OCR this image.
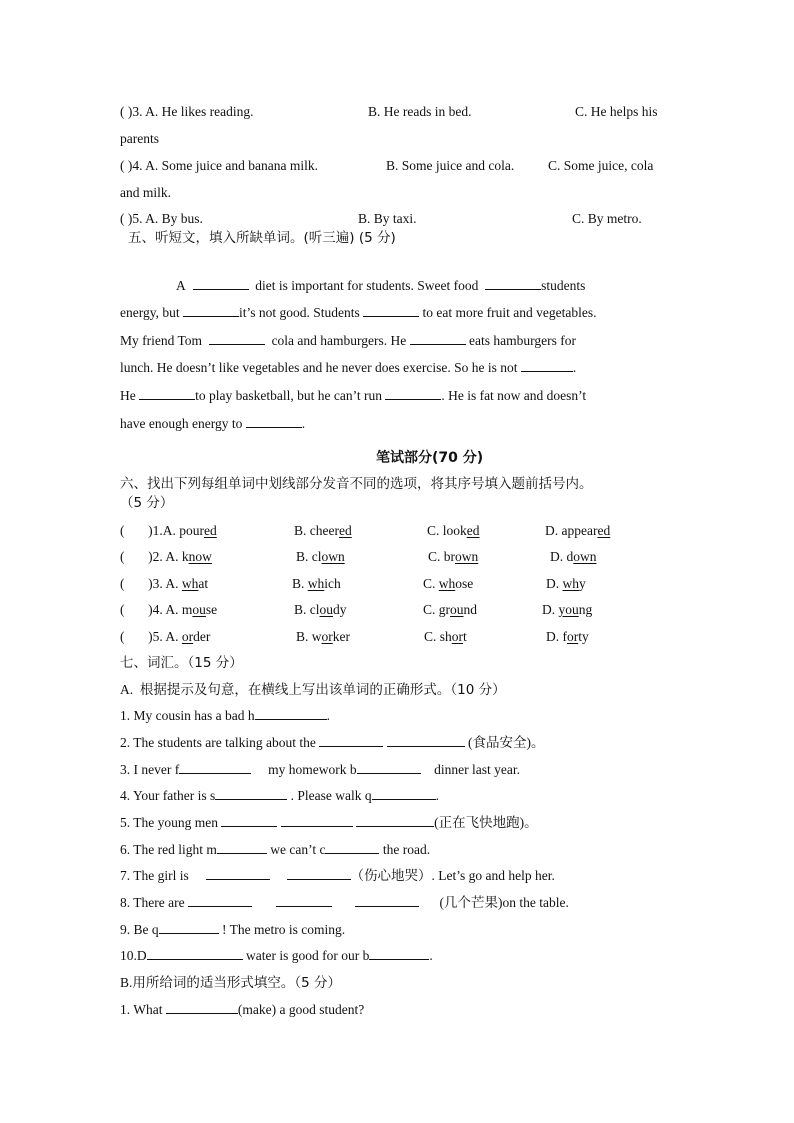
( )3. A. He likes reading.	B. He reads in bed.	C. He helps his
parents
( )4. A. Some juice and banana milk.	B. Some juice and cola.	C. Some juice, cola
and milk.
( )5. A. By bus.	B. By taxi.	C. By metro.
五、听短文，填入所缺单词。(听三遍) (5 分)
A	diet is important for students. Sweet food	students
energy, but	it’s not good. Students	to eat more fruit and vegetables.
My friend Tom	cola and hamburgers. He	eats hamburgers for
lunch. He doesn’t like vegetables and he never does exercise. So he is not	.
He	to play basketball, but he can’t run	. He is fat now and doesn’t
have enough energy to	.
笔试部分(70 分)
六、找出下列每组单词中划线部分发音不同的选项，将其序号填入题前括号内。
（5 分）
(       )1.A. poured	B. cheered	C. looked	D. appeared
(       )2. A. know	B. clown	C. brown	D. down
(       )3. A. what	B. which	C. whose	D. why
(       )4. A. mouse	B. cloudy	C. ground	D. young
(       )5. A. order	B. worker	C. short	D. forty
七、词汇。（15 分）
A. 根据提示及句意，在横线上写出该单词的正确形式。（10 分）
1. My cousin has a bad h	.
2. The students are talking about the	(食品安全)。
3. I never f	my homework b	dinner last year.
4. Your father is s	. Please walk q	.
5. The young men	(正在飞快地跑)。
6. The red light m	we can’t c	the road.
7. The girl is	（伤心地哭）. Let’s go and help her.
8. There are	(几个芒果)on the table.
9. Be q	! The metro is coming.
10.D	water is good for our b	.
B.用所给词的适当形式填空。（5 分）
1. What	(make) a good student?
